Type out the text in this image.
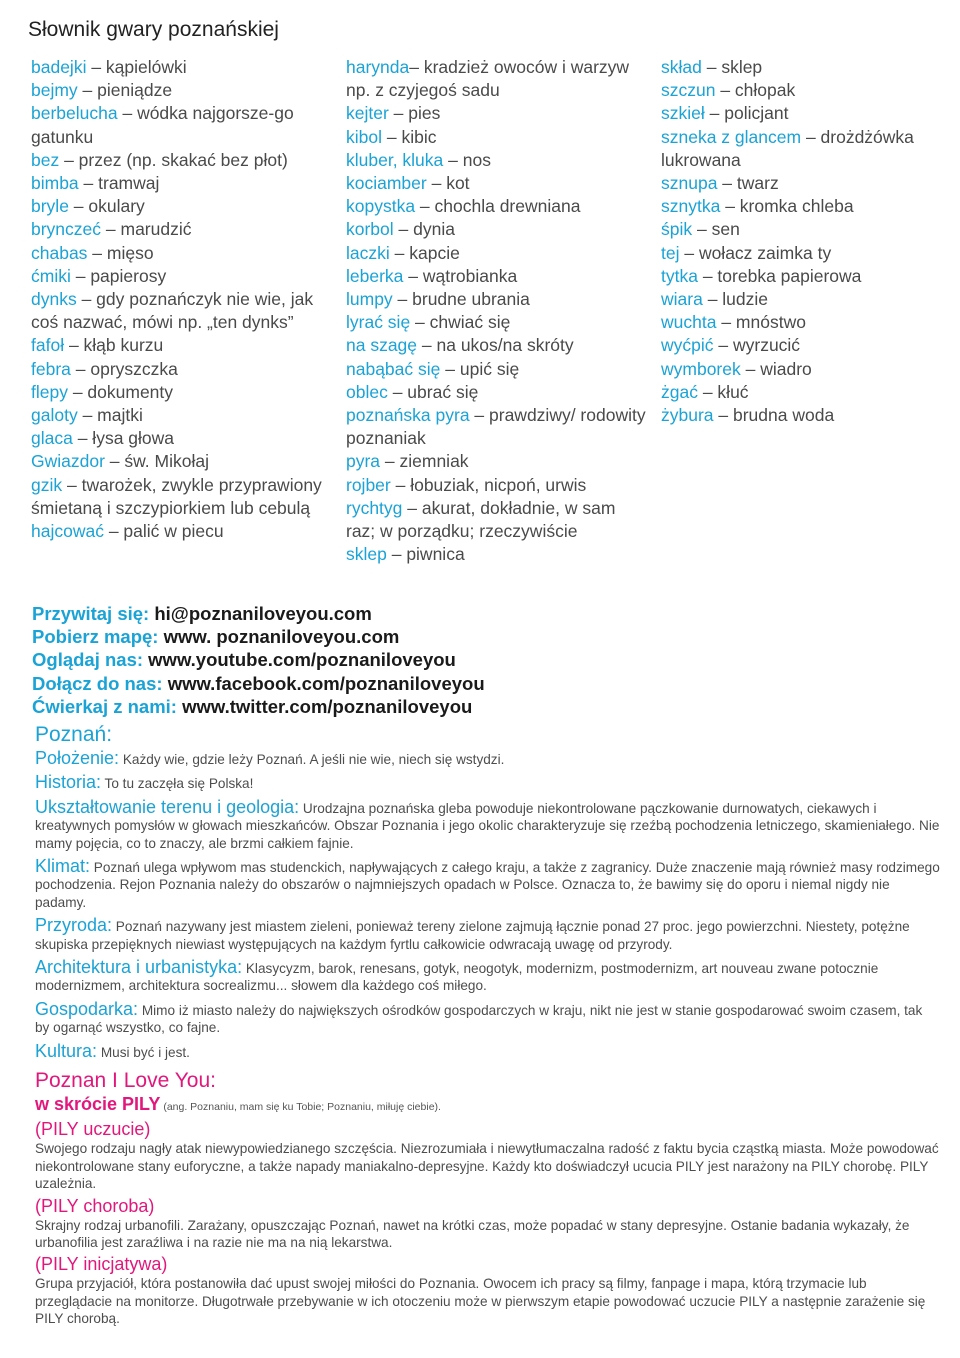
Słownik gwary poznańskiej
badejki – kąpielówki
bejmy – pieniądze
berbelucha – wódka najgorsze-go gatunku
bez – przez (np. skakać bez płot)
bimba – tramwaj
bryle – okulary
brynczeć – marudzić
chabas – mięso
ćmiki – papierosy
dynks – gdy poznańczyk nie wie, jak coś nazwać, mówi np. „ten dynks”
fafoł – kłąb kurzu
febra – opryszczka
flepy – dokumenty
galoty – majtki
glaca – łysa głowa
Gwiazdor – św. Mikołaj
gzik – twarożek, zwykle przyprawiony śmietaną i szczypiorkiem lub cebulą
hajcować – palić w piecu
harynda– kradzież owoców i warzyw np. z czyjegoś sadu
kejter – pies
kibol – kibic
kluber, kluka – nos
kociamber – kot
kopystka – chochla drewniana
korbol – dynia
laczki – kapcie
leberka – wątrobianka
lumpy – brudne ubrania
lyrać się – chwiać się
na szagę – na ukos/na skróty
nabąbać się – upić się
oblec – ubrać się
poznańska pyra – prawdziwy/ rodowity poznaniak
pyra – ziemniak
rojber – łobuziak, nicpoń, urwis
rychtyg – akurat, dokładnie, w sam raz; w porządku; rzeczywiście
sklep – piwnica
skład – sklep
szczun – chłopak
szkieł – policjant
szneka z glancem – drożdżówka lukrowana
sznupa – twarz
sznytka – kromka chleba
śpik – sen
tej – wołacz zaimka ty
tytka – torebka papierowa
wiara – ludzie
wuchta – mnóstwo
wyćpić – wyrzucić
wymborek – wiadro
żgać – kłuć
żybura – brudna woda
Przywitaj się: hi@poznaniloveyou.com
Pobierz mapę: www. poznaniloveyou.com
Oglądaj nas: www.youtube.com/poznaniloveyou
Dołącz do nas: www.facebook.com/poznaniloveyou
Ćwierkaj z nami: www.twitter.com/poznaniloveyou
Poznań:

Położenie: Każdy wie, gdzie leży Poznań. A jeśli nie wie, niech się wstydzi.

Historia: To tu zaczęła się Polska!

Ukształtowanie terenu i geologia: Urodzajna poznańska gleba powoduje niekontrolowane pączkowanie durnowatych, ciekawych i kreatywnych pomysłów w głowach mieszkańców. Obszar Poznania i jego okolic charakteryzuje się rzeźbą pochodzenia letniczego, skamieniałego. Nie mamy pojęcia, co to znaczy, ale brzmi całkiem fajnie.

Klimat: Poznań ulega wpływom mas studenckich, napływających z całego kraju, a także z zagranicy. Duże znaczenie mają również masy rodzimego pochodzenia. Rejon Poznania należy do obszarów o najmniejszych opadach w Polsce. Oznacza to, że bawimy się do oporu i niemal nigdy nie padamy.

Przyroda: Poznań nazywany jest miastem zieleni, ponieważ tereny zielone zajmują łącznie ponad 27 proc. jego powierzchni. Niestety, potężne skupiska przepięknych niewiast występujących na każdym fyrtlu całkowicie odwracają uwagę od przyrody.

Architektura i urbanistyka: Klasycyzm, barok, renesans, gotyk, neogotyk, modernizm, postmodernizm, art nouveau zwane potocznie modernizmem, architektura socrealizmu... słowem dla każdego coś miłego.

Gospodarka: Mimo iż miasto należy do największych ośrodków gospodarczych w kraju, nikt nie jest w stanie gospodarować swoim czasem, tak by ogarnąć wszystko, co fajne.

Kultura: Musi być i jest.

Poznan I Love You:
w skrócie PILY (ang. Poznaniu, mam się ku Tobie; Poznaniu, miłuję ciebie).
(PILY uczucie)

Swojego rodzaju nagły atak niewypowiedzianego szczęścia. Niezrozumiała i niewytłumaczalna radość z faktu bycia cząstką miasta. Może powodować niekontrolowane stany euforyczne, a także napady maniakalno-depresyjne. Każdy kto doświadczył ucucia PILY jest narażony na PILY chorobę. PILY uzależnia.

(PILY choroba)

Skrajny rodzaj urbanofili. Zarażany, opuszczając Poznań, nawet na krótki czas, może popadać w stany depresyjne. Ostanie badania wykazały, że urbanofilia jest zaraźliwa i na razie nie ma na nią lekarstwa.

(PILY inicjatywa)

Grupa przyjaciół, która postanowiła dać upust swojej miłości do Poznania. Owocem ich pracy są filmy, fanpage i mapa, którą trzymacie lub przeglądacie na monitorze. Długotrwałe przebywanie w ich otoczeniu może w pierwszym etapie powodować uczucie PILY a następnie zarażenie się PILY chorobą.
